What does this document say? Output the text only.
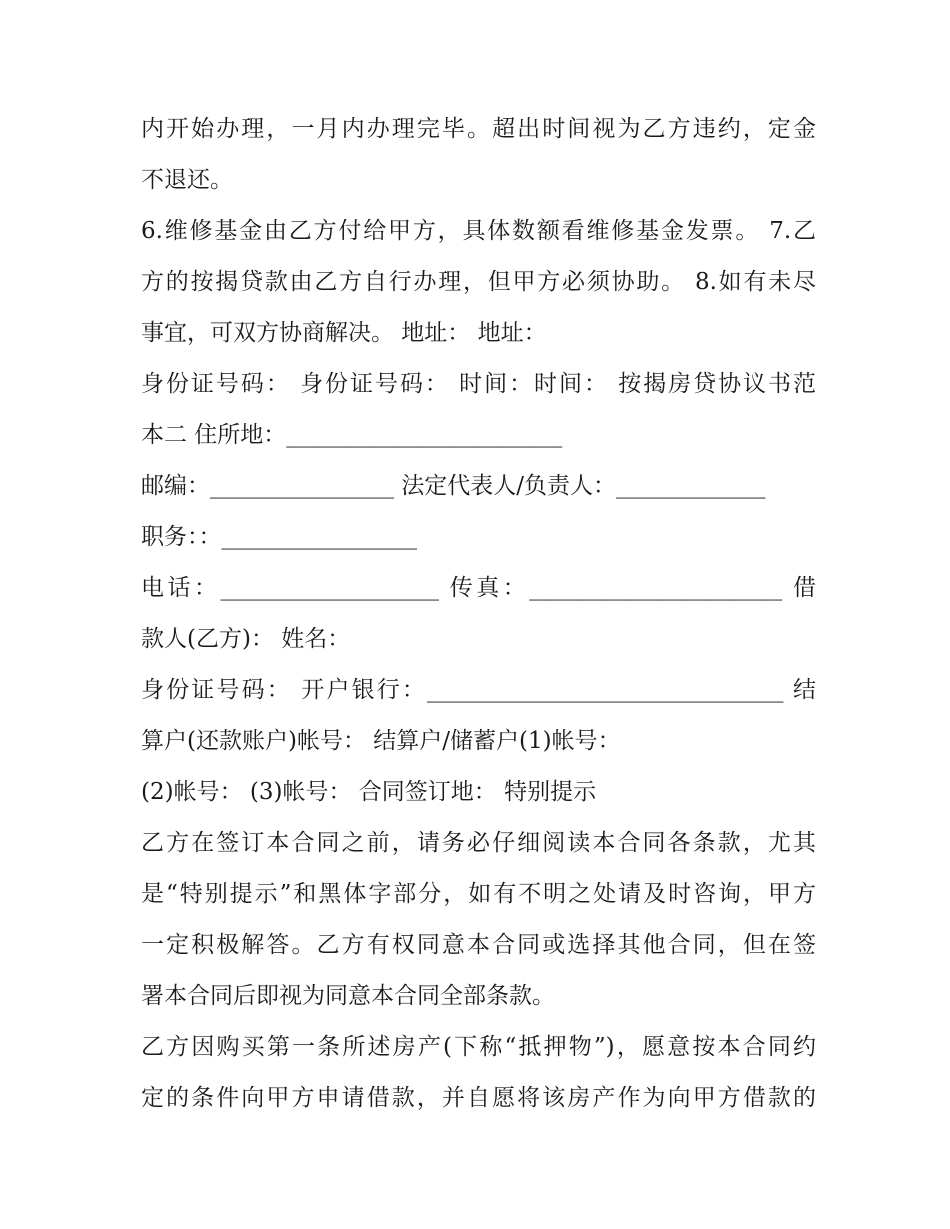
内开始办理，一月内办理完毕。超出时间视为乙方违约，定金
不退还。
6.维修基金由乙方付给甲方，具体数额看维修基金发票。 7.乙
方的按揭贷款由乙方自行办理，但甲方必须协助。 8.如有未尽
事宜，可双方协商解决。 地址： 地址：
身份证号码： 身份证号码： 时间：时间： 按揭房贷协议书范
本二 住所地：________________________
邮编：________________ 法定代表人/负责人：_____________
职务：：_________________
电话：___________________ 传真：______________________ 借
款人(乙方)： 姓名：
身份证号码： 开户银行：_______________________________ 结
算户(还款账户)帐号： 结算户/储蓄户(1)帐号：
(2)帐号： (3)帐号： 合同签订地： 特别提示
乙方在签订本合同之前，请务必仔细阅读本合同各条款，尤其
是“特别提示”和黑体字部分，如有不明之处请及时咨询，甲方
一定积极解答。乙方有权同意本合同或选择其他合同，但在签
署本合同后即视为同意本合同全部条款。
乙方因购买第一条所述房产(下称“抵押物”)，愿意按本合同约
定的条件向甲方申请借款，并自愿将该房产作为向甲方借款的
